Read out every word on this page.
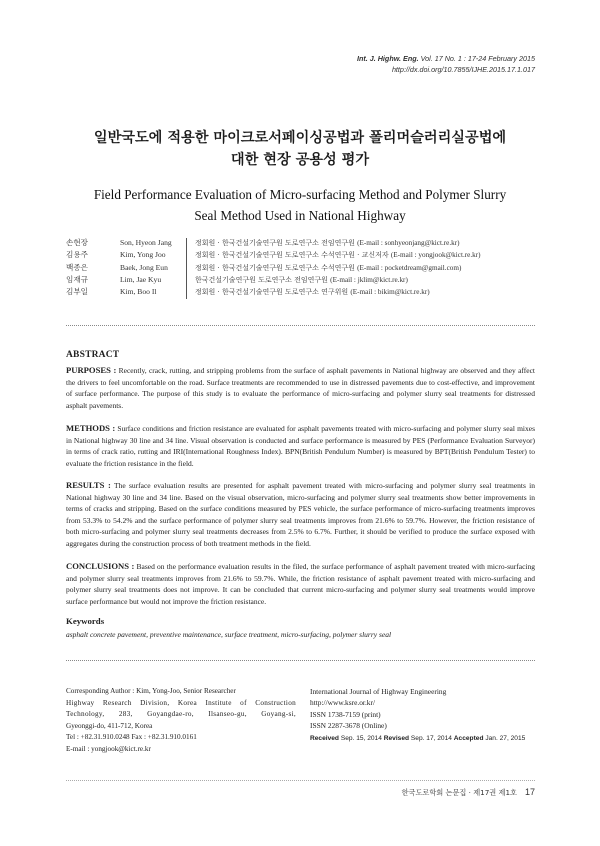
Int. J. Highw. Eng. Vol. 17 No. 1 : 17-24 February 2015
http://dx.doi.org/10.7855/IJHE.2015.17.1.017
일반국도에 적용한 마이크로서페이싱공법과 폴리머슬러리실공법에
대한 현장 공용성 평가
Field Performance Evaluation of Micro-surfacing Method and Polymer Slurry
Seal Method Used in National Highway
손현장	Son, Hyeon Jang	정회원 · 한국건설기술연구원 도로연구소 전임연구원 (E-mail : sonhyeonjang@kict.re.kr)
김용주	Kim, Yong Joo	정회원 · 한국건설기술연구원 도로연구소 수석연구원 · 교신저자 (E-mail : yongjook@kict.re.kr)
백종은	Baek, Jong Eun	정회원 · 한국건설기술연구원 도로연구소 수석연구원 (E-mail : pocketdream@gmail.com)
임재규	Lim, Jae Kyu	한국건설기술연구원 도로연구소 전임연구원 (E-mail : jklim@kict.re.kr)
김부일	Kim, Boo Il	정회원 · 한국건설기술연구원 도로연구소 연구위원 (E-mail : bikim@kict.re.kr)
ABSTRACT
PURPOSES : Recently, crack, rutting, and stripping problems from the surface of asphalt pavements in National highway are observed and they affect the drivers to feel uncomfortable on the road. Surface treatments are recommended to use in distressed pavements due to cost-effective, and improvement of surface performance. The purpose of this study is to evaluate the performance of micro-surfacing and polymer slurry seal treatments for distressed asphalt pavements.
METHODS : Surface conditions and friction resistance are evaluated for asphalt pavements treated with micro-surfacing and polymer slurry seal mixes in National highway 30 line and 34 line. Visual observation is conducted and surface performance is measured by PES (Performance Evaluation Surveyor) in terms of crack ratio, rutting and IRI(International Roughness Index). BPN(British Pendulum Number) is measured by BPT(British Pendulum Tester) to evaluate the friction resistance in the field.
RESULTS : The surface evaluation results are presented for asphalt pavement treated with micro-surfacing and polymer slurry seal treatments in National highway 30 line and 34 line. Based on the visual observation, micro-surfacing and polymer slurry seal treatments show better improvements in terms of cracks and stripping. Based on the surface conditions measured by PES vehicle, the surface performance of micro-surfacing treatments improves from 53.3% to 54.2% and the surface performance of polymer slurry seal treatments improves from 21.6% to 59.7%. However, the friction resistance of both micro-surfacing and polymer slurry seal treatments decreases from 2.5% to 6.7%. Further, it should be verified to produce the surface exposed with aggregates during the construction process of both treatment methods in the field.
CONCLUSIONS : Based on the performance evaluation results in the filed, the surface performance of asphalt pavement treated with micro-surfacing and polymer slurry seal treatments improves from 21.6% to 59.7%. While, the friction resistance of asphalt pavement treated with micro-surfacing and polymer slurry seal treatments does not improve. It can be concluded that current micro-surfacing and polymer slurry seal treatments would improve surface performance but would not improve the friction resistance.
Keywords
asphalt concrete pavement, preventive maintenance, surface treatment, micro-surfacing, polymer slurry seal
Corresponding Author : Kim, Yong-Joo, Senior Researcher
Highway Research Division, Korea Institute of Construction
Technology, 283, Goyangdae-ro, Ilsanseo-gu, Goyang-si,
Gyeonggi-do, 411-712, Korea
Tel : +82.31.910.0248 Fax : +82.31.910.0161
E-mail : yongjook@kict.re.kr
International Journal of Highway Engineering
http://www.ksre.or.kr/
ISSN 1738-7159 (print)
ISSN 2287-3678 (Online)
Received Sep. 15, 2014 Revised Sep. 17, 2014 Accepted Jan. 27, 2015
한국도로학회 논문집 · 제17권 제1호 17
